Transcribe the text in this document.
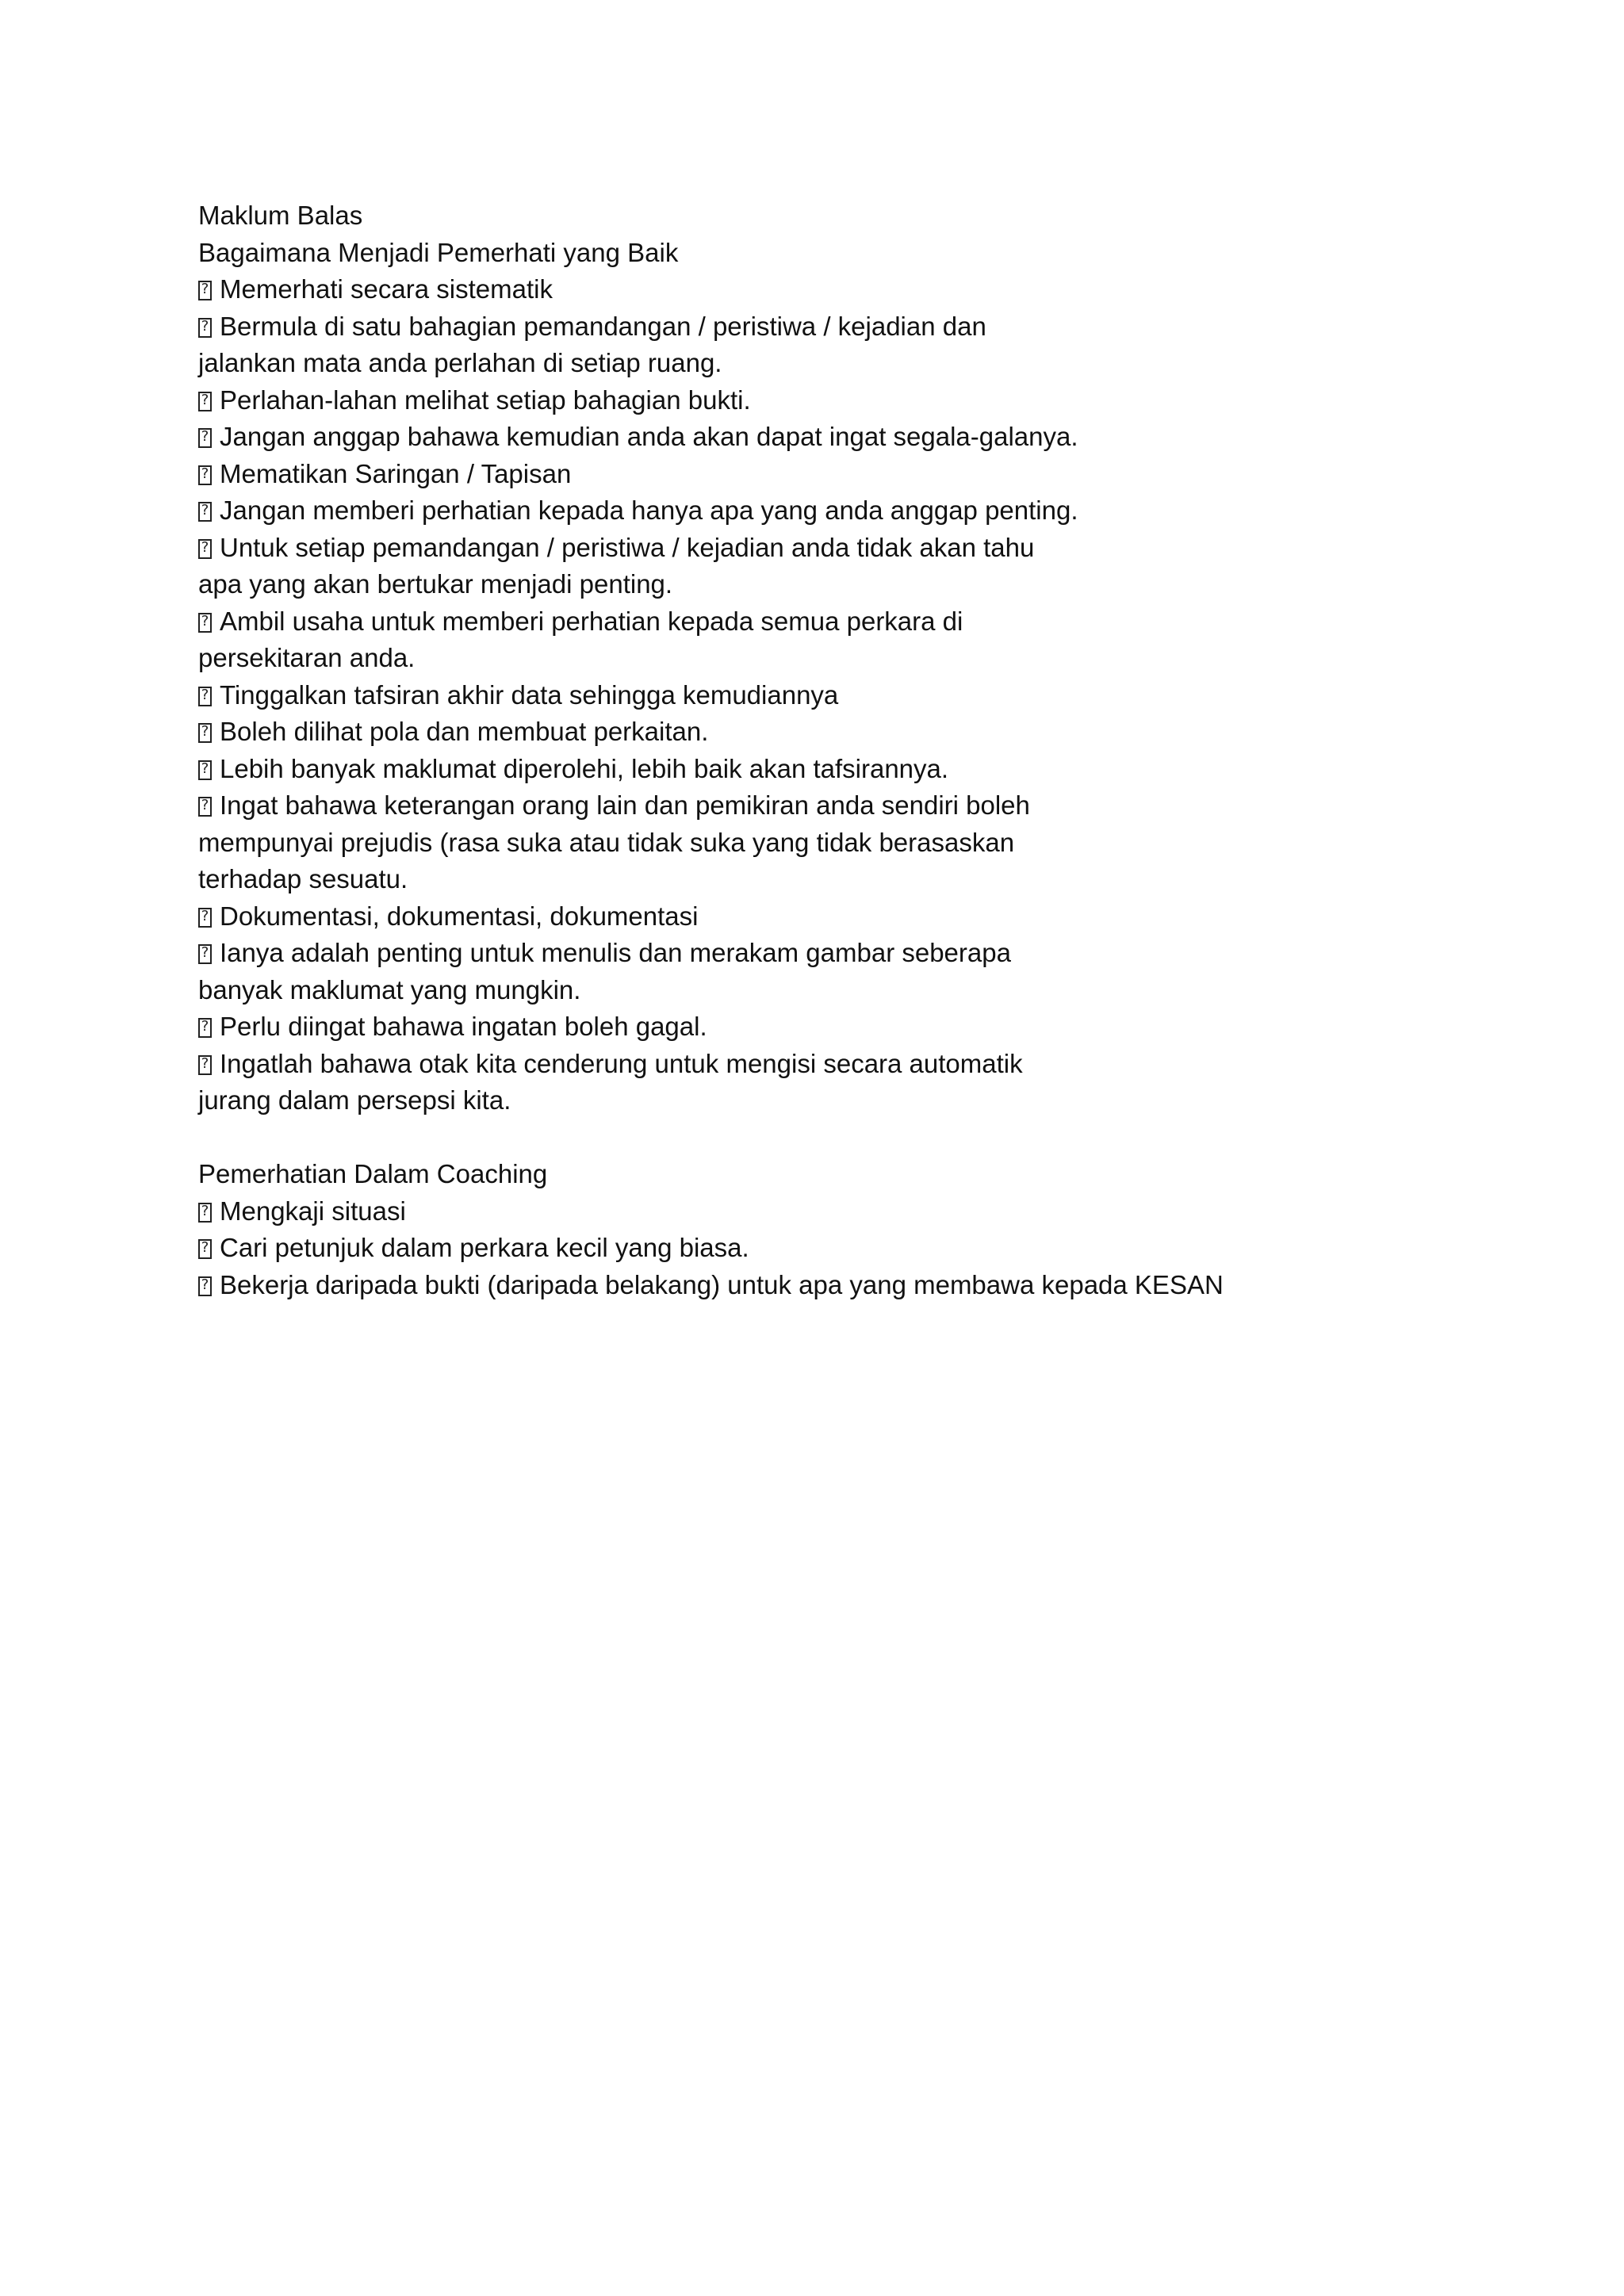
Maklum Balas
Bagaimana Menjadi Pemerhati yang Baik
?Memerhati secara sistematik
?Bermula di satu bahagian pemandangan / peristiwa / kejadian dan
jalankan mata anda perlahan di setiap ruang.
?Perlahan-lahan melihat setiap bahagian bukti.
?Jangan anggap bahawa kemudian anda akan dapat ingat segala-galanya.
?Mematikan Saringan / Tapisan
?Jangan memberi perhatian kepada hanya apa yang anda anggap penting.
?Untuk setiap pemandangan / peristiwa / kejadian anda tidak akan tahu
apa yang akan bertukar menjadi penting.
?Ambil usaha untuk memberi perhatian kepada semua perkara di
persekitaran anda.
?Tinggalkan tafsiran akhir data sehingga kemudiannya
?Boleh dilihat pola dan membuat perkaitan.
?Lebih banyak maklumat diperolehi, lebih baik akan tafsirannya.
?Ingat bahawa keterangan orang lain dan pemikiran anda sendiri boleh
mempunyai prejudis (rasa suka atau tidak suka yang tidak berasaskan
terhadap sesuatu.
?Dokumentasi, dokumentasi, dokumentasi
?Ianya adalah penting untuk menulis dan merakam gambar seberapa
banyak maklumat yang mungkin.
?Perlu diingat bahawa ingatan boleh gagal.
?Ingatlah bahawa otak kita cenderung untuk mengisi secara automatik
jurang dalam persepsi kita.
Pemerhatian Dalam Coaching
?Mengkaji situasi
?Cari petunjuk dalam perkara kecil yang biasa.
?Bekerja daripada bukti (daripada belakang) untuk apa yang membawa kepada KESAN
